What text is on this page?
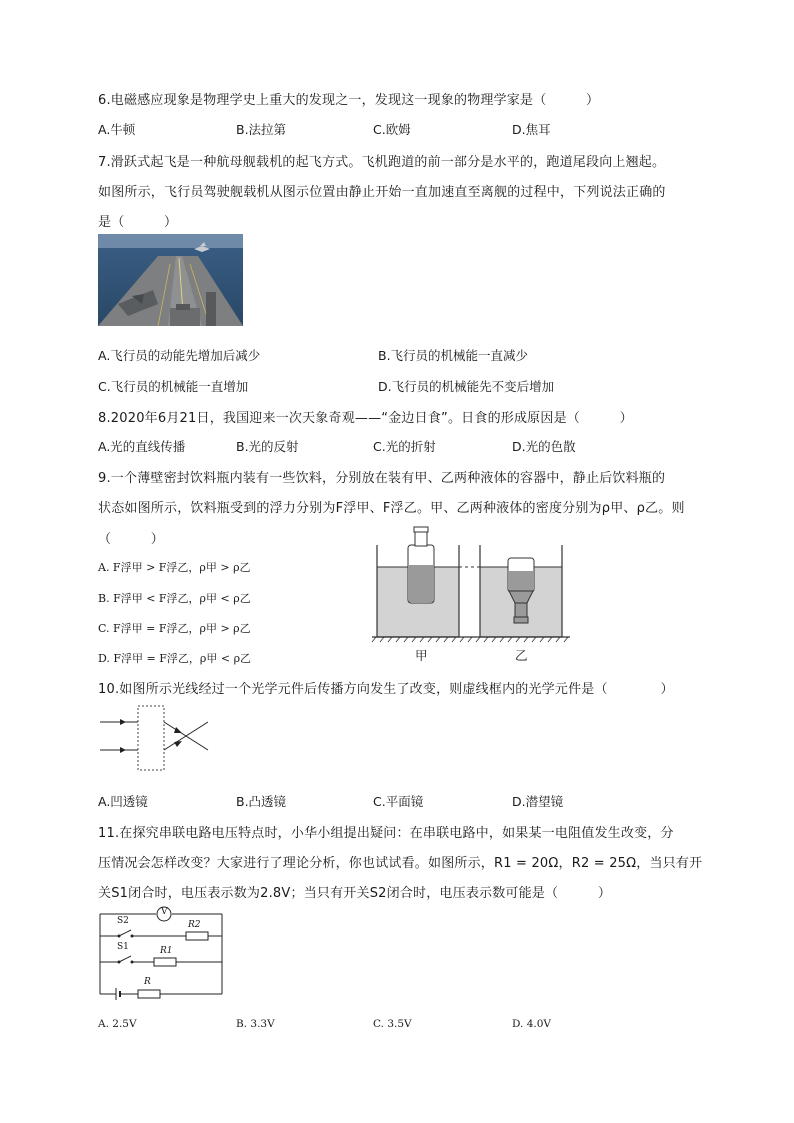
6.电磁感应现象是物理学史上重大的发现之一，发现这一现象的物理学家是（　　　）
A.牛顿	B.法拉第	C.欧姆	D.焦耳
7.滑跃式起飞是一种航母舰载机的起飞方式。飞机跑道的前一部分是水平的，跑道尾段向上翘起。
如图所示，飞行员驾驶舰载机从图示位置由静止开始一直加速直至离舰的过程中，下列说法正确的
是（　　　）
A.飞行员的动能先增加后减少	B.飞行员的机械能一直减少
C.飞行员的机械能一直增加	D.飞行员的机械能先不变后增加
8.2020年6月21日，我国迎来一次天象奇观——“金边日食”。日食的形成原因是（　　　）
A.光的直线传播	B.光的反射	C.光的折射	D.光的色散
9.一个薄壁密封饮料瓶内装有一些饮料，分别放在装有甲、乙两种液体的容器中，静止后饮料瓶的
状态如图所示，饮料瓶受到的浮力分别为F浮甲、F浮乙。甲、乙两种液体的密度分别为ρ甲、ρ乙。则
（　　　）
A. F浮甲 > F浮乙，ρ甲 > ρ乙
B. F浮甲 < F浮乙，ρ甲 < ρ乙
C. F浮甲 = F浮乙，ρ甲 > ρ乙
D. F浮甲 = F浮乙，ρ甲 < ρ乙	甲	乙
10.如图所示光线经过一个光学元件后传播方向发生了改变，则虚线框内的光学元件是（　　　　）
A.凹透镜	B.凸透镜	C.平面镜	D.潜望镜
11.在探究串联电路电压特点时，小华小组提出疑问：在串联电路中，如果某一电阻值发生改变，分
压情况会怎样改变？大家进行了理论分析，你也试试看。如图所示，R1 = 20Ω，R2 = 25Ω，当只有开
关S1闭合时，电压表示数为2.8V；当只有开关S2闭合时，电压表示数可能是（　　　）
V
S2	R2
S1	R1
R
A. 2.5V	B. 3.3V	C. 3.5V	D. 4.0V
